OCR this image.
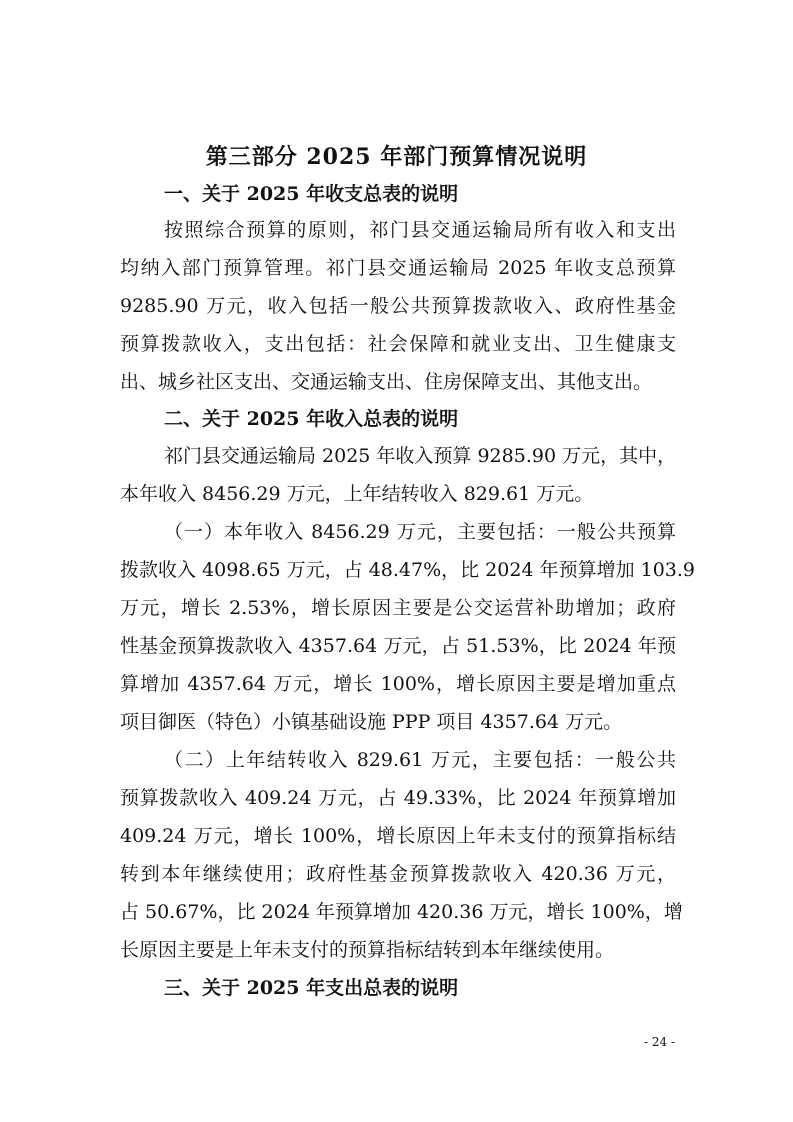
第三部分 2025 年部门预算情况说明
一、关于 2025 年收支总表的说明
按照综合预算的原则，祁门县交通运输局所有收入和支出
均纳入部门预算管理。祁门县交通运输局 2025 年收支总预算
9285.90 万元，收入包括一般公共预算拨款收入、政府性基金
预算拨款收入，支出包括：社会保障和就业支出、卫生健康支
出、城乡社区支出、交通运输支出、住房保障支出、其他支出。
二、关于 2025 年收入总表的说明
祁门县交通运输局 2025 年收入预算 9285.90 万元，其中，
本年收入 8456.29 万元，上年结转收入 829.61 万元。
（一）本年收入 8456.29 万元，主要包括：一般公共预算
拨款收入 4098.65 万元，占 48.47%，比 2024 年预算增加 103.9
万元，增长 2.53%，增长原因主要是公交运营补助增加；政府
性基金预算拨款收入 4357.64 万元，占 51.53%，比 2024 年预
算增加 4357.64 万元，增长 100%，增长原因主要是增加重点
项目御医（特色）小镇基础设施 PPP 项目 4357.64 万元。
（二）上年结转收入 829.61 万元，主要包括：一般公共
预算拨款收入 409.24 万元，占 49.33%，比 2024 年预算增加
409.24 万元，增长 100%，增长原因上年未支付的预算指标结
转到本年继续使用；政府性基金预算拨款收入 420.36 万元，
占 50.67%，比 2024 年预算增加 420.36 万元，增长 100%，增
长原因主要是上年未支付的预算指标结转到本年继续使用。
三、关于 2025 年支出总表的说明
- 24 -
